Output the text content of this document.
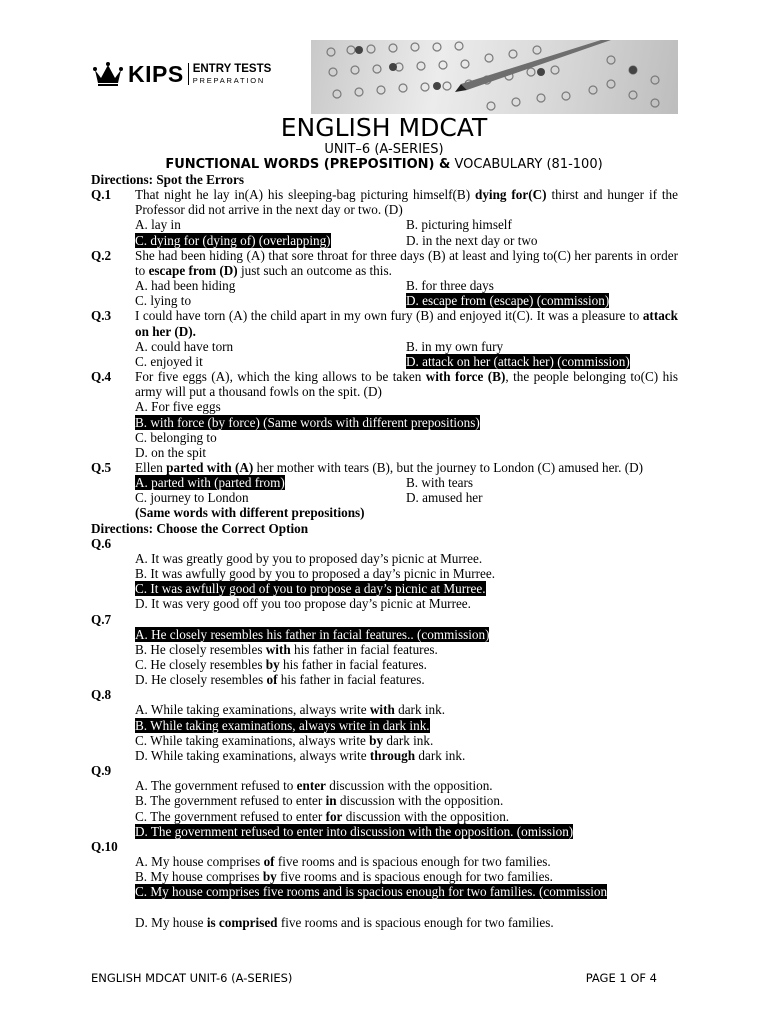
KIPS ENTRY TESTS
PREPARATION
ENGLISH MDCAT
UNIT–6 (A-SERIES)
FUNCTIONAL WORDS (PREPOSITION) & VOCABULARY (81-100)
Directions: Spot the Errors
Q.1	That night he lay in(A) his sleeping-bag picturing himself(B) dying for(C) thirst and hunger if the Professor did not arrive in the next day or two. (D)
A. lay in	B. picturing himself
C. dying for (dying of) (overlapping)	D. in the next day or two
Q.2	She had been hiding (A) that sore throat for three days (B) at least and lying to(C) her parents in order to escape from (D) just such an outcome as this.
A. had been hiding	B. for three days
C. lying to	D. escape from (escape) (commission)
Q.3	I could have torn (A) the child apart in my own fury (B) and enjoyed it(C). It was a pleasure to attack on her (D).
A. could have torn	B. in my own fury
C. enjoyed it	D. attack on her (attack her) (commission)
Q.4	For five eggs (A), which the king allows to be taken with force (B), the people belonging to(C) his army will put a thousand fowls on the spit. (D)
A. For five eggs
B. with force (by force) (Same words with different prepositions)
C. belonging to
D. on the spit
Q.5	Ellen parted with (A) her mother with tears (B), but the journey to London (C) amused her. (D)
A. parted with (parted from)	B. with tears
C. journey to London	D. amused her
(Same words with different prepositions)
Directions: Choose the Correct Option
Q.6
A. It was greatly good by you to proposed day’s picnic at Murree.
B. It was awfully good by you to proposed a day’s picnic in Murree.
C. It was awfully good of you to propose a day’s picnic at Murree.
D. It was very good off you too propose day’s picnic at Murree.
Q.7
A. He closely resembles his father in facial features.. (commission)
B. He closely resembles with his father in facial features.
C. He closely resembles by his father in facial features.
D. He closely resembles of his father in facial features.
Q.8
A. While taking examinations, always write with dark ink.
B. While taking examinations, always write in dark ink.
C. While taking examinations, always write by dark ink.
D. While taking examinations, always write through dark ink.
Q.9
A. The government refused to enter discussion with the opposition.
B. The government refused to enter in discussion with the opposition.
C. The government refused to enter for discussion with the opposition.
D. The government refused to enter into discussion with the opposition. (omission)
Q.10
A. My house comprises of five rooms and is spacious enough for two families.
B. My house comprises by five rooms and is spacious enough for two families.
C. My house comprises five rooms and is spacious enough for two families. (commission
D. My house is comprised five rooms and is spacious enough for two families.
ENGLISH MDCAT UNIT-6 (A-SERIES)	PAGE 1 OF 4
